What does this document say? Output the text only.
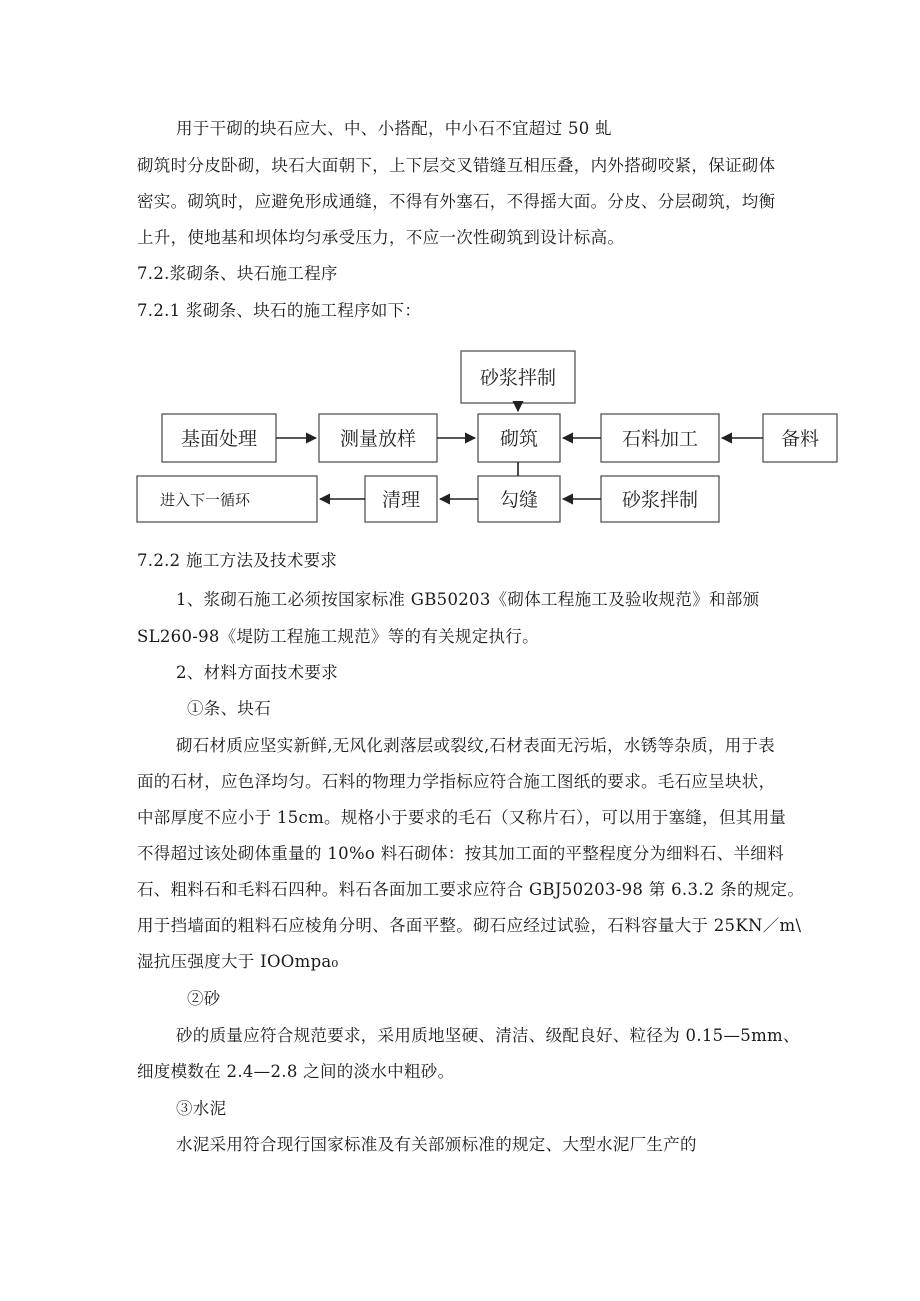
用于干砌的块石应大、中、小搭配，中小石不宜超过 50 虬
砌筑时分皮卧砌，块石大面朝下，上下层交叉错缝互相压叠，内外搭砌咬紧，保证砌体
密实。砌筑时，应避免形成通缝，不得有外塞石，不得摇大面。分皮、分层砌筑，均衡
上升，使地基和坝体均匀承受压力，不应一次性砌筑到设计标高。
7.2.浆砌条、块石施工程序
7.2.1 浆砌条、块石的施工程序如下：
砂浆拌制
基面处理	测量放样	砌筑	石料加工	备料
进入下一循环	清理	勾缝	砂浆拌制
7.2.2 施工方法及技术要求
1、浆砌石施工必须按国家标准 GB50203《砌体工程施工及验收规范》和部颁
SL260-98《堤防工程施工规范》等的有关规定执行。
2、材料方面技术要求
①条、块石
砌石材质应坚实新鲜,无风化剥落层或裂纹,石材表面无污垢，水锈等杂质，用于表
面的石材，应色泽均匀。石料的物理力学指标应符合施工图纸的要求。毛石应呈块状，
中部厚度不应小于 15cm。规格小于要求的毛石（又称片石），可以用于塞缝，但其用量
不得超过该处砌体重量的 10%o 料石砌体：按其加工面的平整程度分为细料石、半细料
石、粗料石和毛料石四种。料石各面加工要求应符合 GBJ50203-98 第 6.3.2 条的规定。
用于挡墙面的粗料石应棱角分明、各面平整。砌石应经过试验，石料容量大于 25KN／m\
湿抗压强度大于 IOOmpa₀
②砂
砂的质量应符合规范要求，采用质地坚硬、清洁、级配良好、粒径为 0.15—5mm、
细度模数在 2.4—2.8 之间的淡水中粗砂。
③水泥
水泥采用符合现行国家标准及有关部颁标准的规定、大型水泥厂生产的
